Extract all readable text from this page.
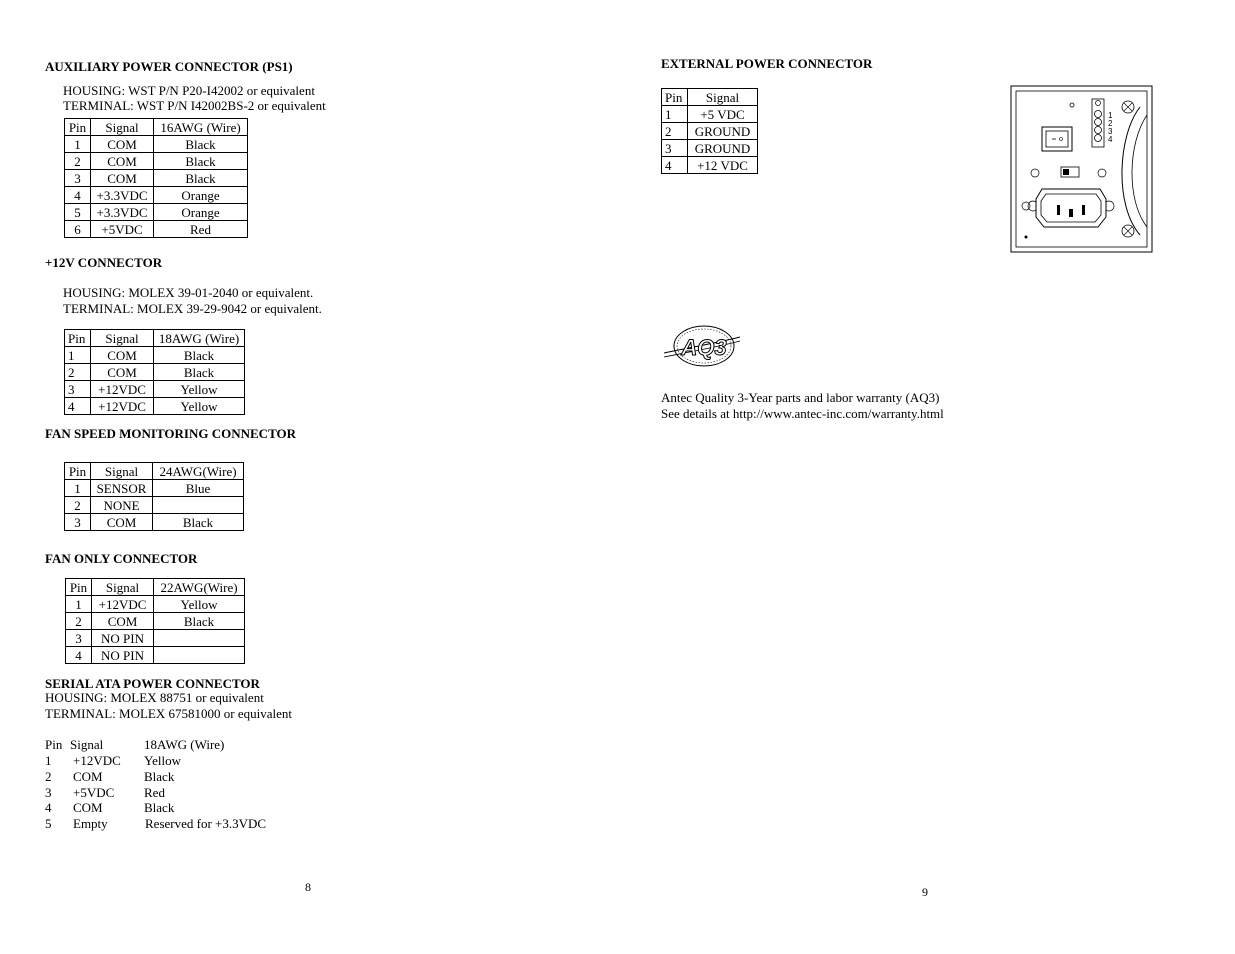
AUXILIARY POWER CONNECTOR (PS1)
HOUSING: WST P/N P20-I42002 or equivalent
TERMINAL: WST P/N I42002BS-2 or equivalent
Pin	Signal	16AWG (Wire)
1	COM	Black
2	COM	Black
3	COM	Black
4	+3.3VDC	Orange
5	+3.3VDC	Orange
6	+5VDC	Red
+12V CONNECTOR
HOUSING: MOLEX 39-01-2040 or equivalent.
TERMINAL: MOLEX 39-29-9042 or equivalent.
Pin	Signal	18AWG (Wire)
1	COM	Black
2	COM	Black
3	+12VDC	Yellow
4	+12VDC	Yellow
FAN SPEED MONITORING CONNECTOR
Pin	Signal	24AWG(Wire)
1	SENSOR	Blue
2	NONE	
3	COM	Black
FAN ONLY CONNECTOR
Pin	Signal	22AWG(Wire)
1	+12VDC	Yellow
2	COM	Black
3	NO PIN	
4	NO PIN	
SERIAL ATA POWER CONNECTOR
HOUSING: MOLEX 88751 or equivalent
TERMINAL: MOLEX 67581000 or equivalent
Pin Signal	18AWG (Wire)
1 +12VDC Yellow
2 COM	Black
3 +5VDC Red
4 COM	Black
5 Empty	Reserved for +3.3VDC
8
EXTERNAL POWER CONNECTOR
Pin	Signal
1	+5 VDC
2	GROUND
3	GROUND
4	+12 VDC
1
2
3
4
AQ3
Antec Quality 3-Year parts and labor warranty (AQ3)
See details at http://www.antec-inc.com/warranty.html
9
